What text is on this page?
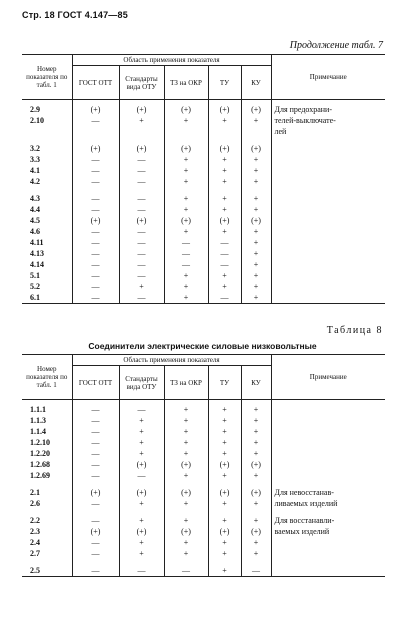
Стр. 18 ГОСТ 4.147—85
Продолжение табл. 7
Номер показателя по табл. 1	Область применения показателя					Примечание
	ГОСТ ОТТ	Стандарты вида ОТУ	ТЗ на ОКР	ТУ	КУ	
2.9	(+)	(+)	(+)	(+)	(+)	Для предохрани-
2.10	—	+	+	+	+	телей-выключате-
						лей
3.2	(+)	(+)	(+)	(+)	(+)	
3.3	—	—	+	+	+	
4.1	—	—	+	+	+	
4.2	—	—	+	+	+	
4.3	—	—	+	+	+	
4.4	—	—	+	+	+	
4.5	(+)	(+)	(+)	(+)	(+)	
4.6	—	—	+	+	+	
4.11	—	—	—	—	+	
4.13	—	—	—	—	+	
4.14	—	—	—	—	+	
5.1	—	—	+	+	+	
5.2	—	+	+	+	+	
6.1	—	—	+	—	+	
Таблица 8
Соединители электрические силовые низковольтные
Номер показателя по табл. 1	Область применения показателя					Примечание
	ГОСТ ОТТ	Стандарты вида ОТУ	ТЗ на ОКР	ТУ	КУ	
1.1.1	—	—	+	+	+	
1.1.3	—	+	+	+	+	
1.1.4	—	+	+	+	+	
1.2.10	—	+	+	+	+	
1.2.20	—	+	+	+	+	
1.2.68	—	(+)	(+)	(+)	(+)	
1.2.69	—	—	+	+	+	
2.1	(+)	(+)	(+)	(+)	(+)	Для невосстанав-
2.6	—	+	+	+	+	ливаемых изделий
2.2	—	+	+	+	+	Для восстанавли-
2.3	(+)	(+)	(+)	(+)	(+)	ваемых изделий
2.4	—	+	+	+	+	
2.7	—	+	+	+	+	
2.5	—	—	—	+	—	
